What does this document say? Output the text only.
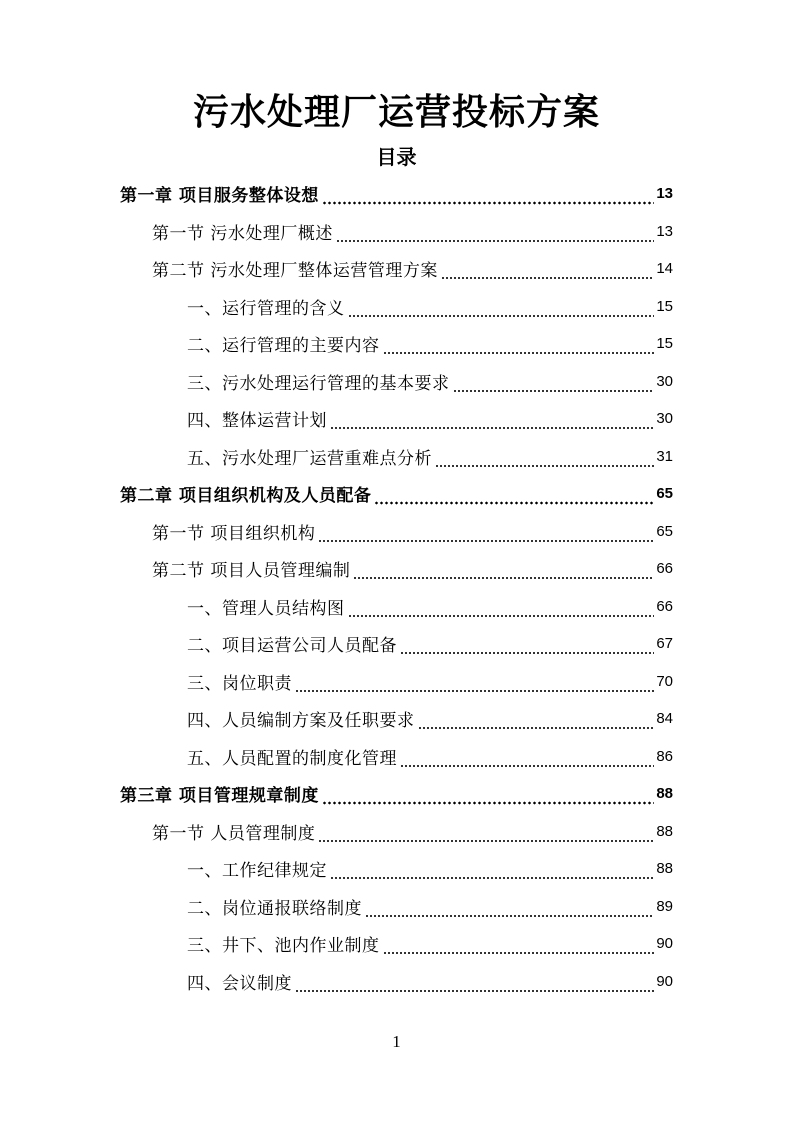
污水处理厂运营投标方案
目录
第一章 项目服务整体设想	13
第一节 污水处理厂概述	13
第二节 污水处理厂整体运营管理方案	14
一、运行管理的含义	15
二、运行管理的主要内容	15
三、污水处理运行管理的基本要求	30
四、整体运营计划	30
五、污水处理厂运营重难点分析	31
第二章 项目组织机构及人员配备	65
第一节 项目组织机构	65
第二节 项目人员管理编制	66
一、管理人员结构图	66
二、项目运营公司人员配备	67
三、岗位职责	70
四、人员编制方案及任职要求	84
五、人员配置的制度化管理	86
第三章 项目管理规章制度	88
第一节 人员管理制度	88
一、工作纪律规定	88
二、岗位通报联络制度	89
三、井下、池内作业制度	90
四、会议制度	90
1
